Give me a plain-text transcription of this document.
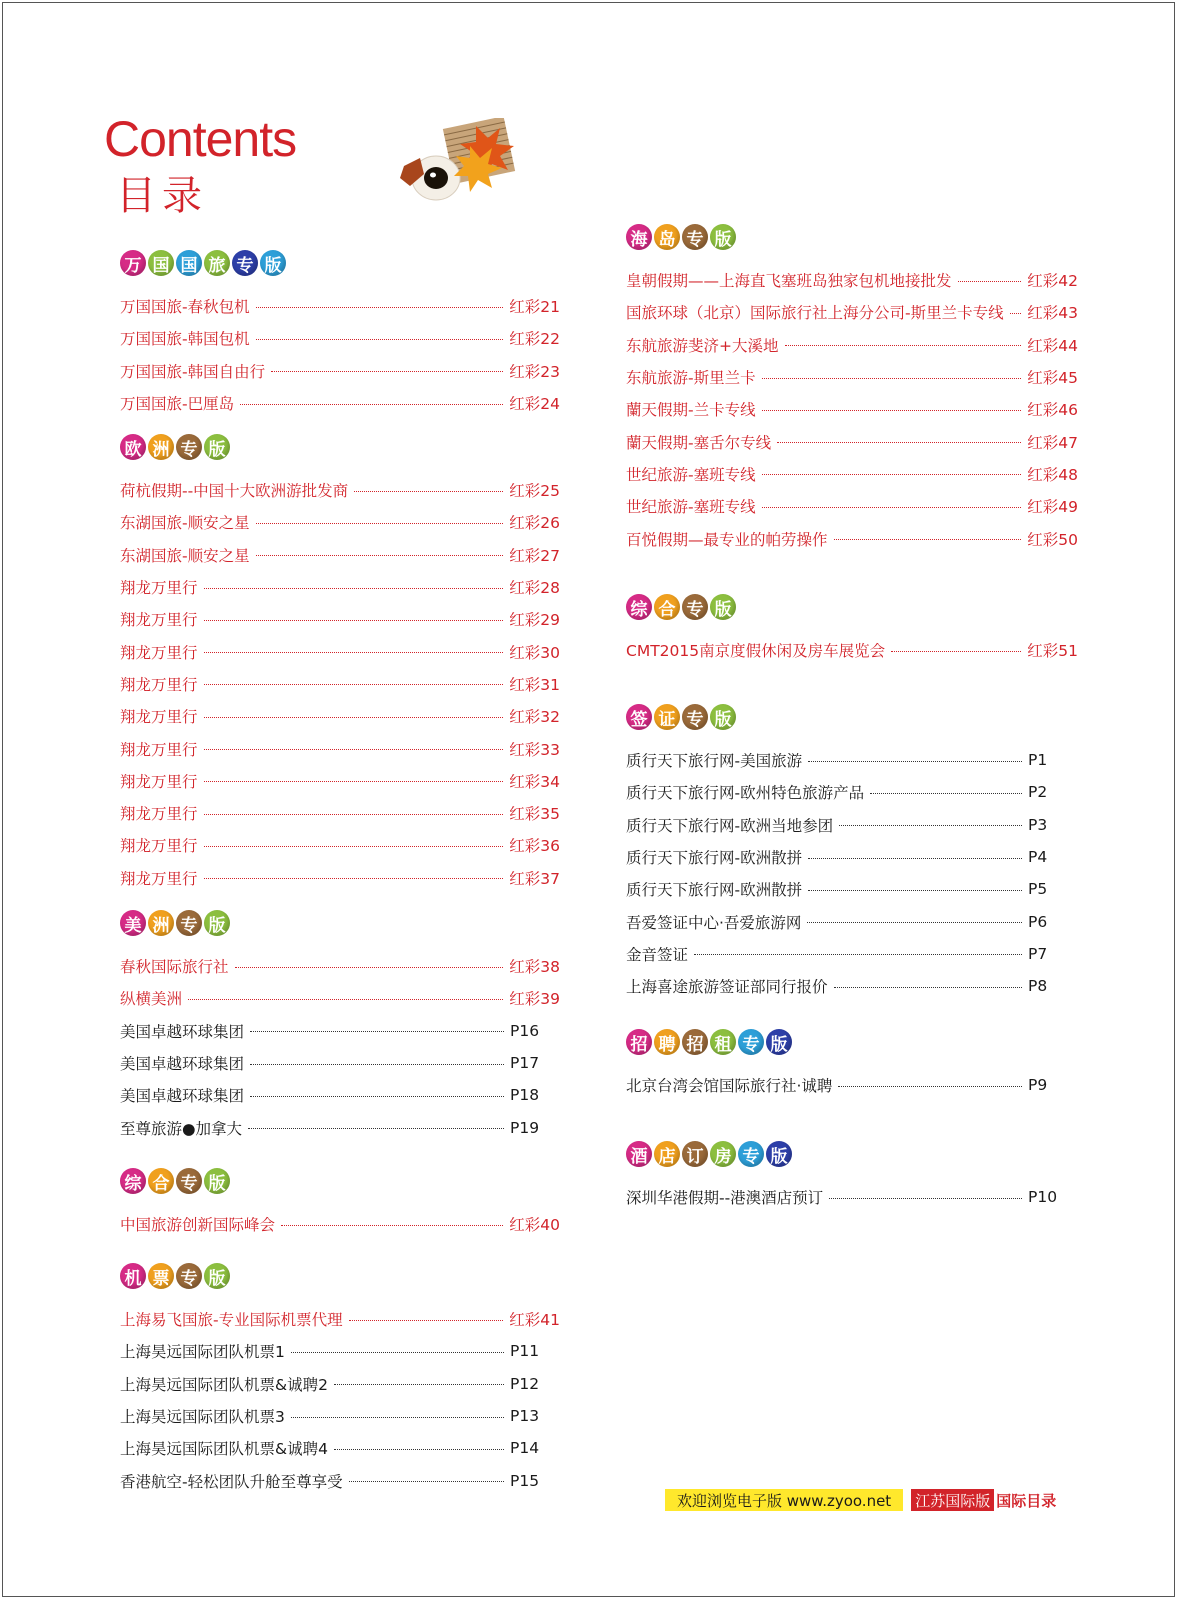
Contents
目录
万 国 国 旅 专 版
万国国旅-春秋包机	红彩21
万国国旅-韩国包机	红彩22
万国国旅-韩国自由行	红彩23
万国国旅-巴厘岛	红彩24
欧 洲 专 版
荷杭假期--中国十大欧洲游批发商	红彩25
东湖国旅-顺安之星	红彩26
东湖国旅-顺安之星	红彩27
翔龙万里行	红彩28
翔龙万里行	红彩29
翔龙万里行	红彩30
翔龙万里行	红彩31
翔龙万里行	红彩32
翔龙万里行	红彩33
翔龙万里行	红彩34
翔龙万里行	红彩35
翔龙万里行	红彩36
翔龙万里行	红彩37
美 洲 专 版
春秋国际旅行社	红彩38
纵横美洲	红彩39
美国卓越环球集团	P16
美国卓越环球集团	P17
美国卓越环球集团	P18
至尊旅游●加拿大	P19
综 合 专 版
中国旅游创新国际峰会	红彩40
机 票 专 版
上海易飞国旅-专业国际机票代理	红彩41
上海昊远国际团队机票1	P11
上海昊远国际团队机票&诚聘2	P12
上海昊远国际团队机票3	P13
上海昊远国际团队机票&诚聘4	P14
香港航空-轻松团队升舱至尊享受	P15
海 岛 专 版
皇朝假期——上海直飞塞班岛独家包机地接批发	红彩42
国旅环球（北京）国际旅行社上海分公司-斯里兰卡专线 红彩43
东航旅游斐济+大溪地	红彩44
东航旅游-斯里兰卡	红彩45
蘭天假期-兰卡专线	红彩46
蘭天假期-塞舌尔专线	红彩47
世纪旅游-塞班专线	红彩48
世纪旅游-塞班专线	红彩49
百悦假期—最专业的帕劳操作	红彩50
综 合 专 版
CMT2015南京度假休闲及房车展览会	红彩51
签 证 专 版
质行天下旅行网-美国旅游	P1
质行天下旅行网-欧州特色旅游产品	P2
质行天下旅行网-欧洲当地参团	P3
质行天下旅行网-欧洲散拼	P4
质行天下旅行网-欧洲散拼	P5
吾爱签证中心·吾爱旅游网	P6
金音签证	P7
上海喜途旅游签证部同行报价	P8
招 聘 招 租 专 版
北京台湾会馆国际旅行社·诚聘	P9
酒 店 订 房 专 版
深圳华港假期--港澳酒店预订	P10
欢迎浏览电子版 www.zyoo.net	江苏国际版 国际目录
